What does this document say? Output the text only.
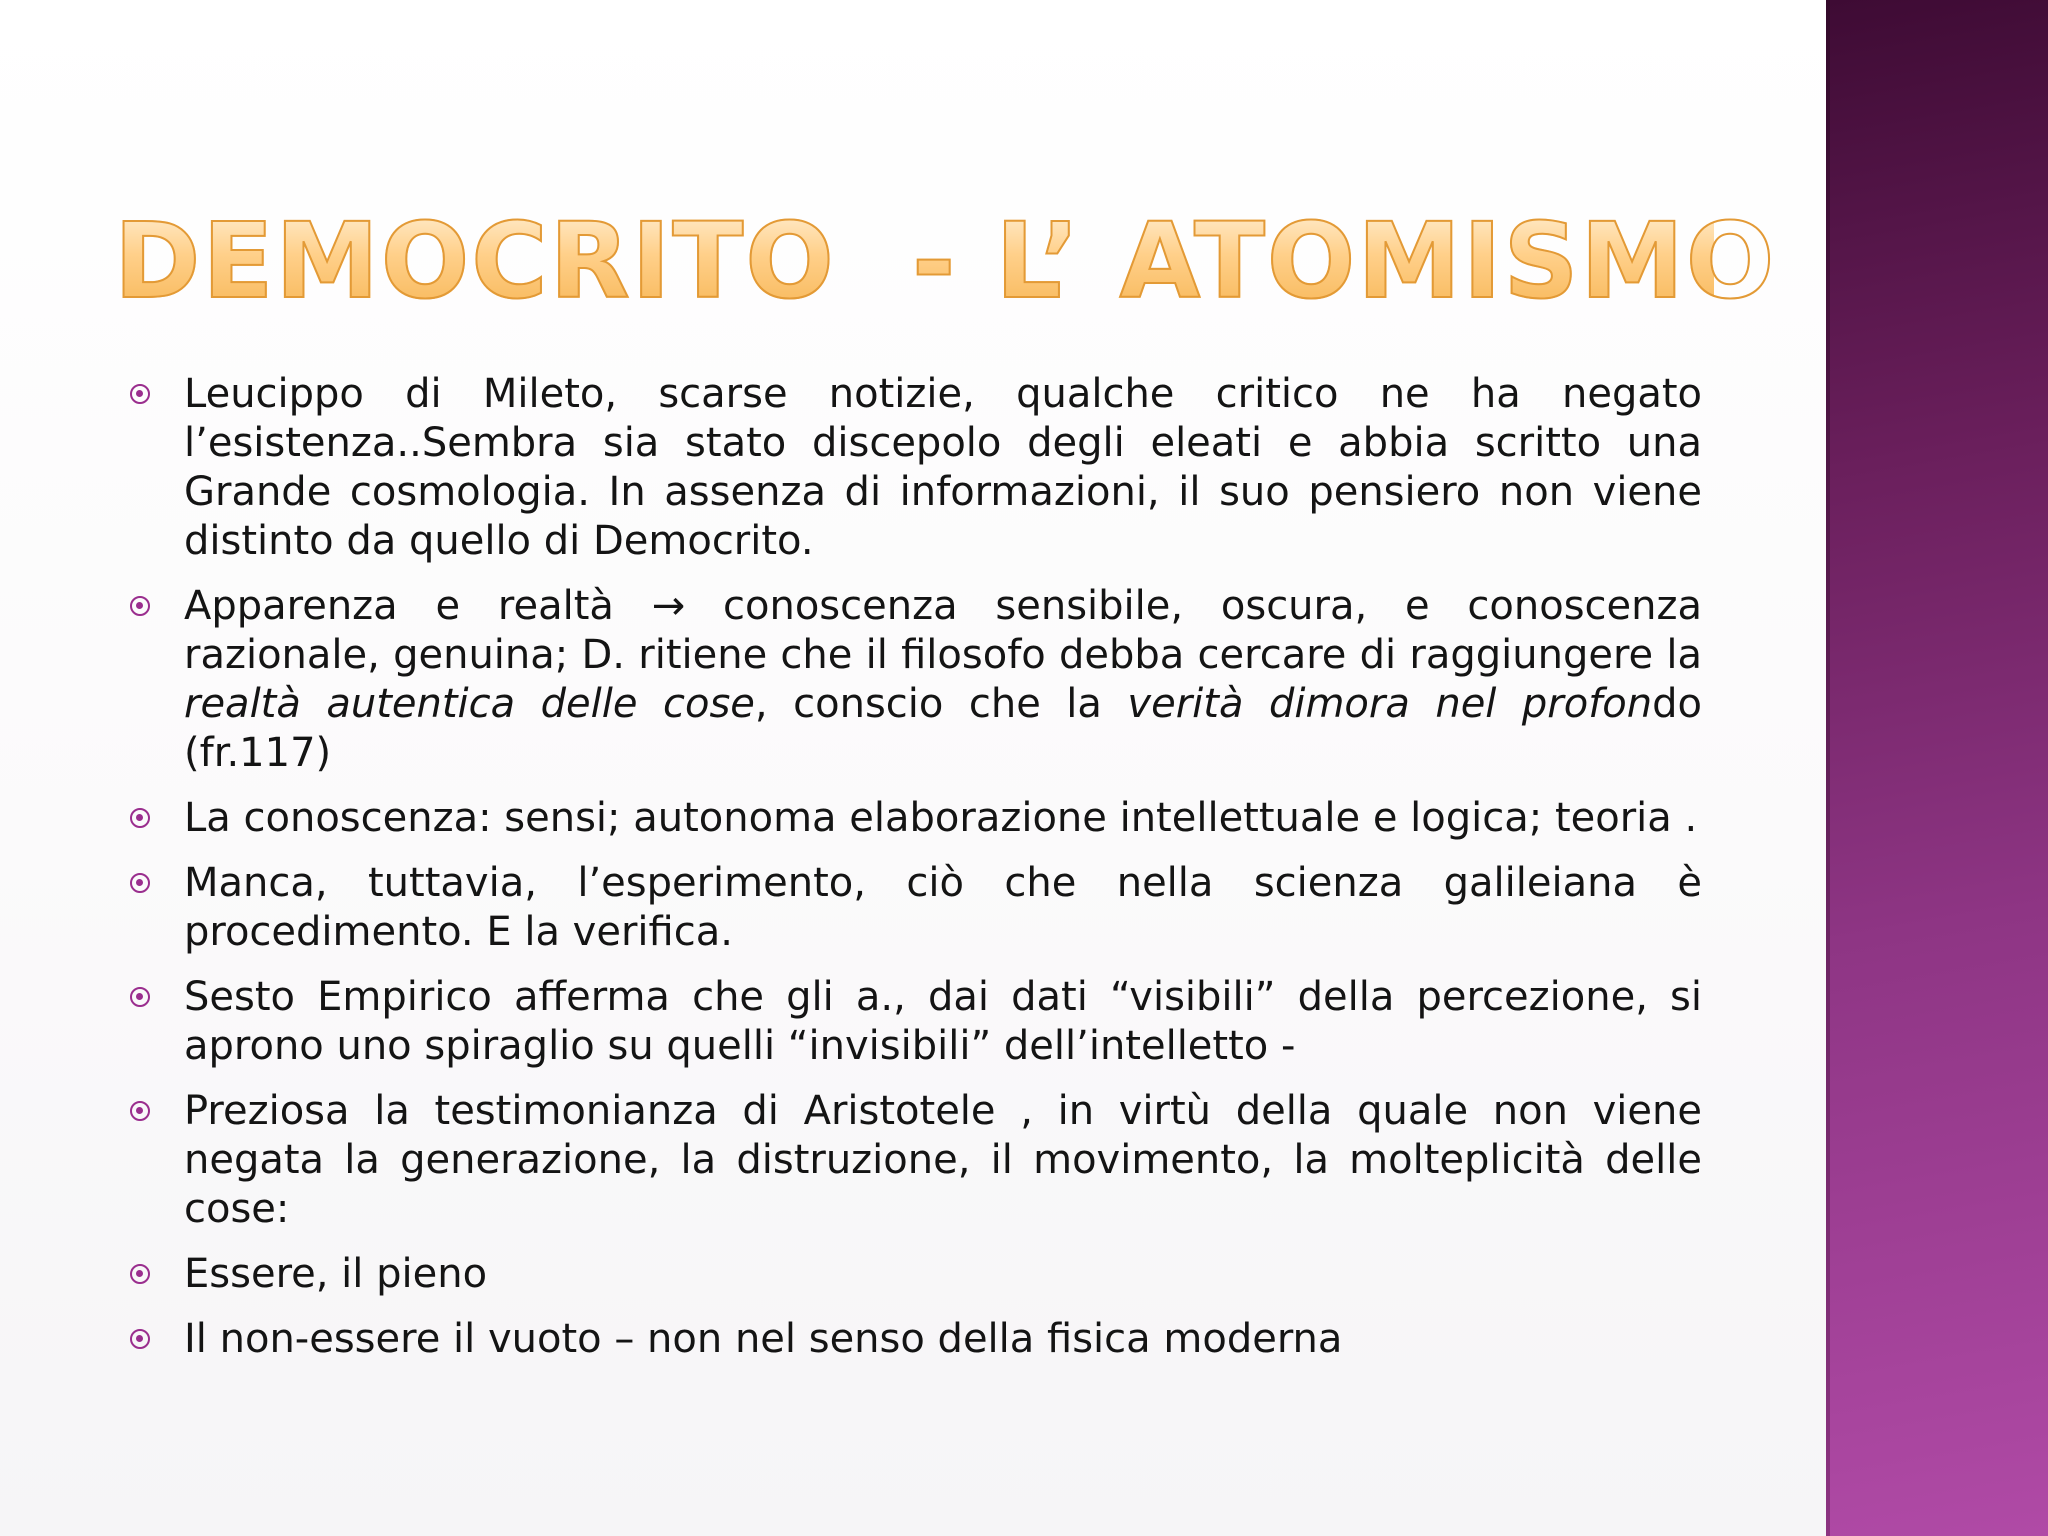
DEMOCRITO  - L’ ATOMISMO
Leucippo di Mileto, scarse notizie, qualche critico ne ha negato l’esistenza..Sembra sia stato discepolo degli eleati e abbia scritto una Grande cosmologia. In assenza di informazioni, il suo pensiero non viene distinto da quello di Democrito.
Apparenza e realtà → conoscenza sensibile, oscura, e conoscenza razionale, genuina; D. ritiene che il filosofo debba cercare di raggiungere la realtà autentica delle cose, conscio che la verità dimora nel profondo (fr.117)
La conoscenza: sensi; autonoma elaborazione intellettuale e logica; teoria .
Manca, tuttavia, l’esperimento, ciò che nella scienza galileiana è procedimento. E la verifica.
Sesto Empirico afferma che gli a., dai dati “visibili” della percezione, si aprono uno spiraglio su quelli “invisibili” dell’intelletto -
Preziosa la testimonianza di Aristotele , in virtù della quale non viene negata la generazione, la distruzione, il movimento, la molteplicità delle cose:
Essere, il pieno
Il non-essere il vuoto – non nel senso della fisica moderna
